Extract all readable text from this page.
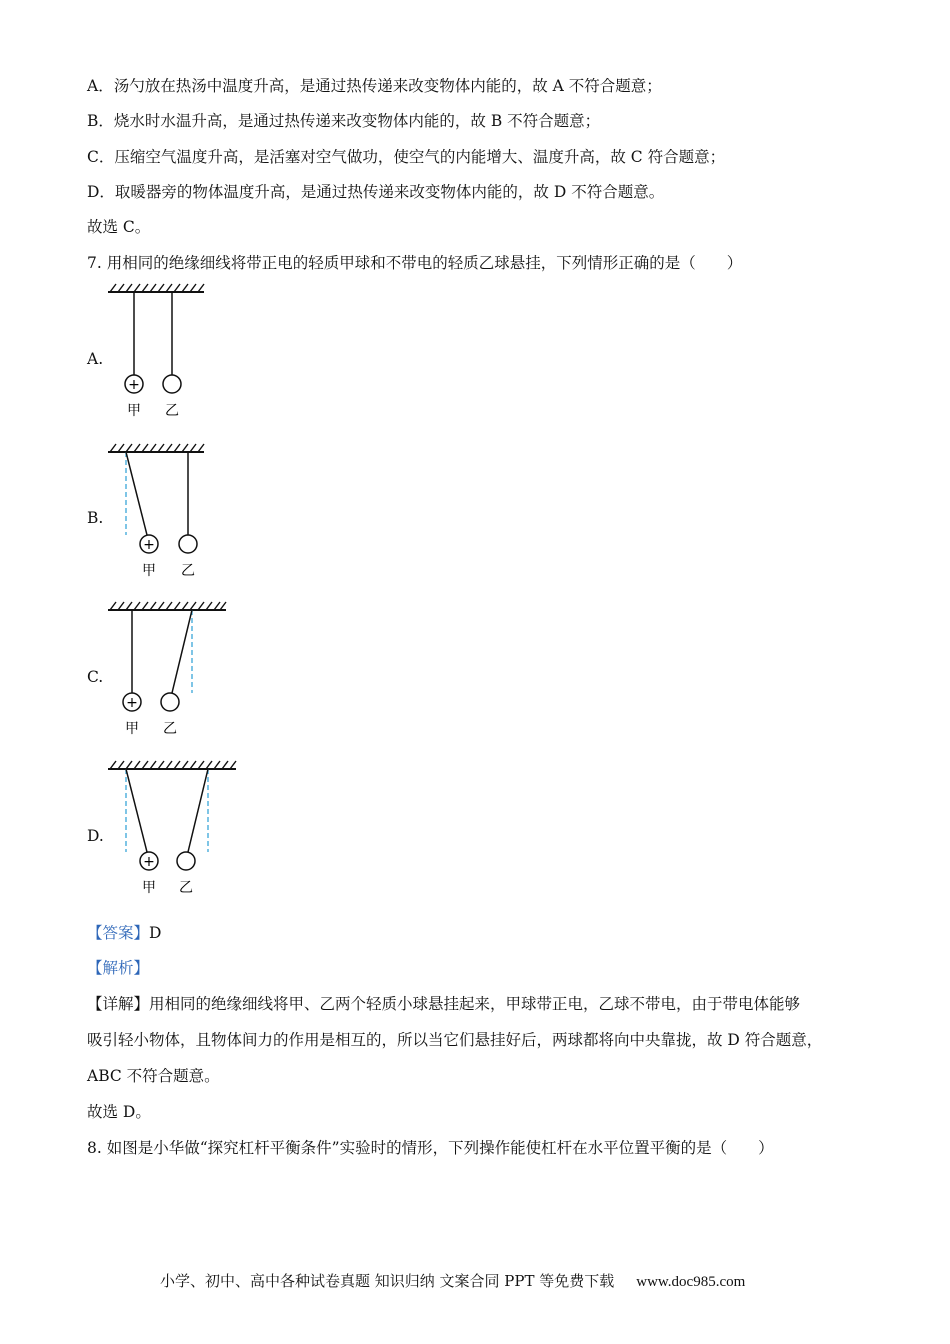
A．汤勺放在热汤中温度升高，是通过热传递来改变物体内能的，故 A 不符合题意；
B．烧水时水温升高，是通过热传递来改变物体内能的，故 B 不符合题意；
C．压缩空气温度升高，是活塞对空气做功，使空气的内能增大、温度升高，故 C 符合题意；
D．取暖器旁的物体温度升高，是通过热传递来改变物体内能的，故 D 不符合题意。
故选 C。
7. 用相同的绝缘细线将带正电的轻质甲球和不带电的轻质乙球悬挂，下列情形正确的是（　　）
A.
+
甲 乙
B.
+
甲 乙
C.
+
甲 乙
D.
+
甲 乙
【答案】D
【解析】
【详解】用相同的绝缘细线将甲、乙两个轻质小球悬挂起来，甲球带正电，乙球不带电，由于带电体能够
吸引轻小物体，且物体间力的作用是相互的，所以当它们悬挂好后，两球都将向中央靠拢，故 D 符合题意，
ABC 不符合题意。
故选 D。
8. 如图是小华做“探究杠杆平衡条件”实验时的情形，下列操作能使杠杆在水平位置平衡的是（　　）
小学、初中、高中各种试卷真题 知识归纳 文案合同 PPT 等免费下载 www.doc985.com
